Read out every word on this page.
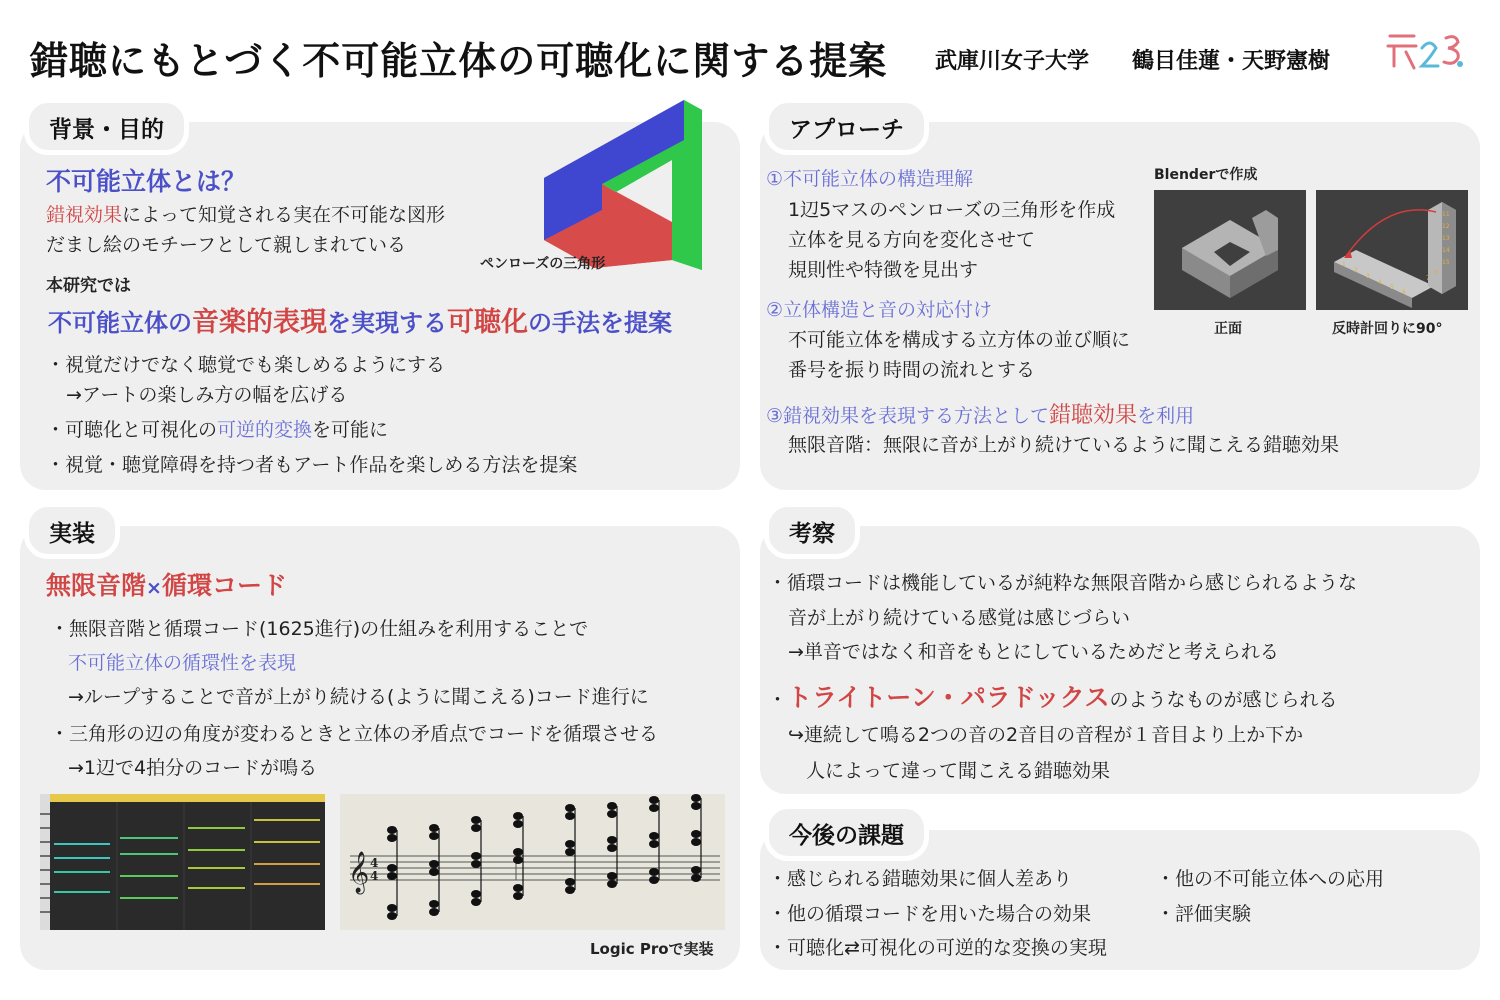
錯聴にもとづく不可能立体の可聴化に関する提案 武庫川女子大学 鶴目佳蓮・天野憲樹
背景・目的
不可能立体とは？
錯視効果によって知覚される実在不可能な図形
だまし絵のモチーフとして親しまれている
ペンローズの三角形
本研究では
不可能立体の音楽的表現を実現する可聴化の手法を提案
・視覚だけでなく聴覚でも楽しめるようにする
→アートの楽しみ方の幅を広げる
・可聴化と可視化の可逆的変換を可能に
・視覚・聴覚障碍を持つ者もアート作品を楽しめる方法を提案
アプローチ
①不可能立体の構造理解
1辺5マスのペンローズの三角形を作成
立体を見る方向を変化させて
規則性や特徴を見出す
②立体構造と音の対応付け
不可能立体を構成する立方体の並び順に
番号を振り時間の流れとする
③錯視効果を表現する方法として錯聴効果を利用
無限音階：無限に音が上がり続けているように聞こえる錯聴効果
Blenderで作成
11
12
13
14
15
1
2
3
4
5
6
7
8
正面	反時計回りに90°
実装
無限音階×循環コード
・無限音階と循環コード(1625進行)の仕組みを利用することで
不可能立体の循環性を表現
→ループすることで音が上がり続ける(ように聞こえる)コード進行に
・三角形の辺の角度が変わるときと立体の矛盾点でコードを循環させる
→1辺で4拍分のコードが鳴る
𝄞 4
4
Logic Proで実装
考察
・循環コードは機能しているが純粋な無限音階から感じられるような
音が上がり続けている感覚は感じづらい
→単音ではなく和音をもとにしているためだと考えられる
・トライトーン・パラドックスのようなものが感じられる
↪連続して鳴る2つの音の2音目の音程が１音目より上か下か
人によって違って聞こえる錯聴効果
今後の課題
・感じられる錯聴効果に個人差あり
・他の循環コードを用いた場合の効果
・可聴化⇄可視化の可逆的な変換の実現
・他の不可能立体への応用
・評価実験
